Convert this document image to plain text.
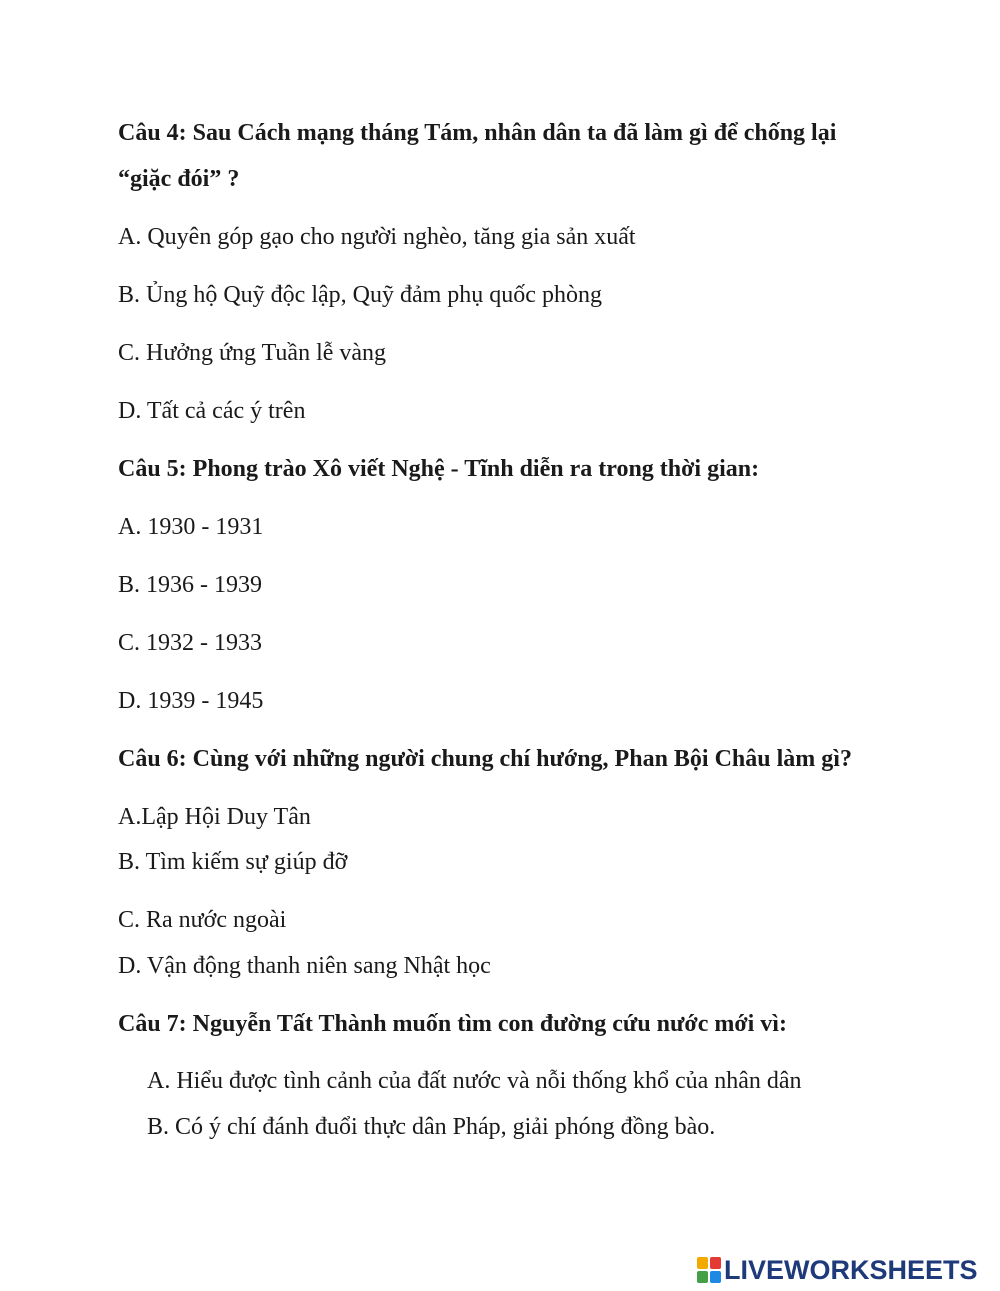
Câu 4: Sau Cách mạng tháng Tám, nhân dân ta đã làm gì để chống lại

“giặc đói” ?

A. Quyên góp gạo cho người nghèo, tăng gia sản xuất

B. Ủng hộ Quỹ độc lập, Quỹ đảm phụ quốc phòng

C. Hưởng ứng Tuần lễ vàng

D. Tất cả các ý trên

Câu 5: Phong trào Xô viết Nghệ - Tĩnh diễn ra trong thời gian:

A. 1930 - 1931

B. 1936 - 1939

C. 1932 - 1933

D. 1939 - 1945

Câu 6: Cùng với những người chung chí hướng, Phan Bội Châu làm gì?

A.Lập Hội Duy Tân

B. Tìm kiếm sự giúp đỡ

C. Ra nước ngoài

D. Vận động thanh niên sang Nhật học

Câu 7: Nguyễn Tất Thành muốn tìm con đường cứu nước mới vì:

A. Hiểu được tình cảnh của đất nước và nỗi thống khổ của nhân dân

B. Có ý chí đánh đuổi thực dân Pháp, giải phóng đồng bào.

LIVEWORKSHEETS
